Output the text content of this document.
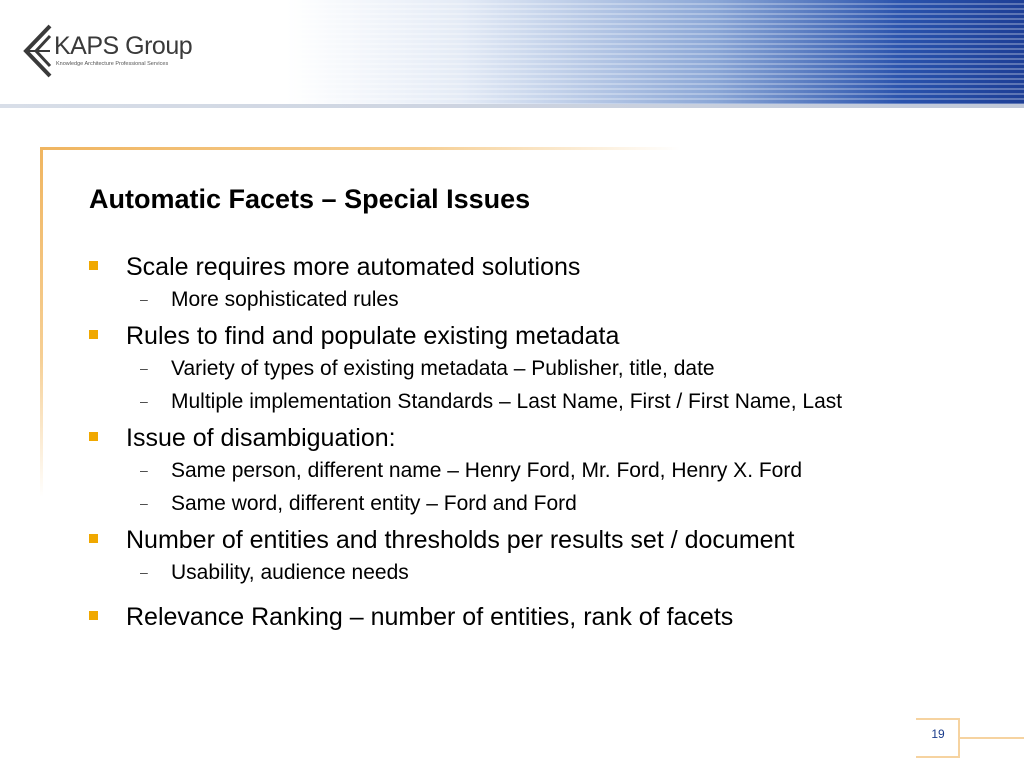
KAPS Group
Knowledge Architecture Professional Services
Automatic Facets – Special Issues
Scale requires more automated solutions
– More sophisticated rules
Rules to find and populate existing metadata
– Variety of types of existing metadata – Publisher, title, date
– Multiple implementation Standards – Last Name, First / First Name, Last
Issue of disambiguation:
– Same person, different name – Henry Ford, Mr. Ford, Henry X. Ford
– Same word, different entity – Ford and Ford
Number of entities and thresholds per results set / document
– Usability, audience needs
Relevance Ranking – number of entities, rank of facets
19
